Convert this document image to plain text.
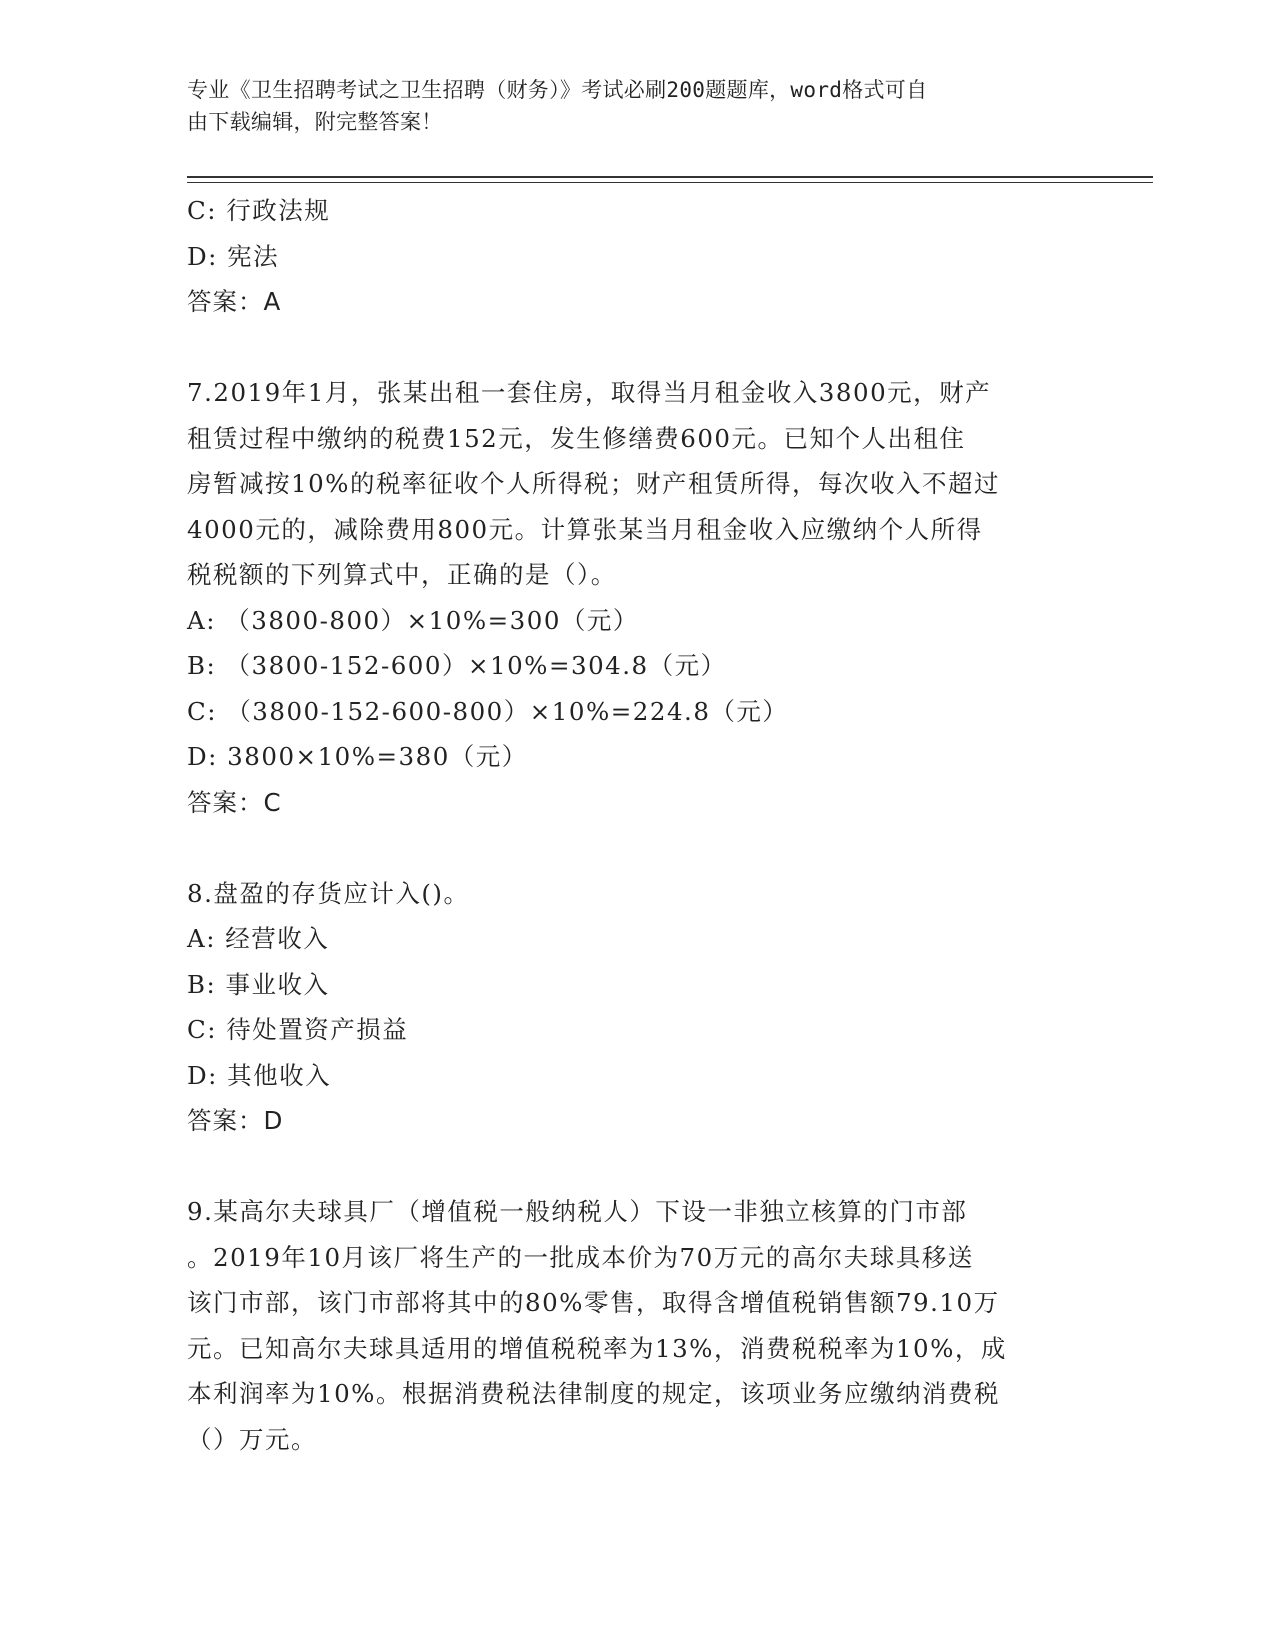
专业《卫生招聘考试之卫生招聘（财务）》考试必刷200题题库，word格式可自
由下载编辑，附完整答案！
C: 行政法规
D: 宪法
答案：A
7.2019年1月，张某出租一套住房，取得当月租金收入3800元，财产
租赁过程中缴纳的税费152元，发生修缮费600元。已知个人出租住
房暂减按10%的税率征收个人所得税；财产租赁所得，每次收入不超过
4000元的，减除费用800元。计算张某当月租金收入应缴纳个人所得
税税额的下列算式中，正确的是（）。
A: （3800-800）×10%=300（元）
B: （3800-152-600）×10%=304.8（元）
C: （3800-152-600-800）×10%=224.8（元）
D: 3800×10%=380（元）
答案：C
8.盘盈的存货应计入()。
A: 经营收入
B: 事业收入
C: 待处置资产损益
D: 其他收入
答案：D
9.某高尔夫球具厂（增值税一般纳税人）下设一非独立核算的门市部
。2019年10月该厂将生产的一批成本价为70万元的高尔夫球具移送
该门市部，该门市部将其中的80%零售，取得含增值税销售额79.10万
元。已知高尔夫球具适用的增值税税率为13%，消费税税率为10%，成
本利润率为10%。根据消费税法律制度的规定，该项业务应缴纳消费税
（）万元。
